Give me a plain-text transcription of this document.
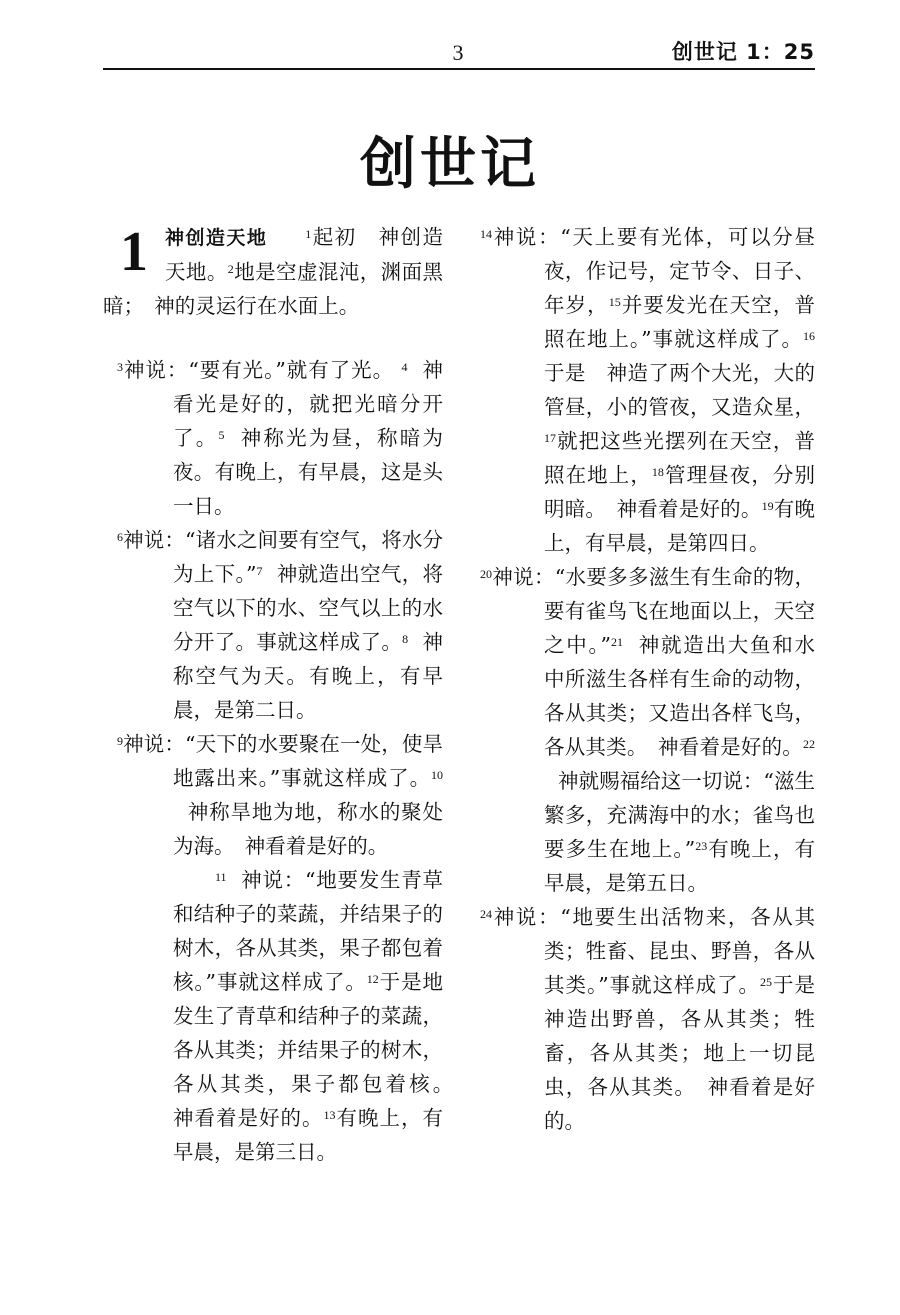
3	创世记 1：25
创世记
1 神创造天地	$^1$起初　神创造天地。$^2$地是空虚混沌，渊面黑暗；　神的灵运行在水面上。
$^3$神说：“要有光。”就有了光。 $^4$ 神看光是好的，就把光暗分开了。$^5$ 神称光为昼，称暗为夜。有晚上，有早晨，这是头一日。
$^6$神说：“诸水之间要有空气，将水分为上下。”$^7$ 神就造出空气，将空气以下的水、空气以上的水分开了。事就这样成了。$^8$ 神称空气为天。有晚上，有早晨，是第二日。
$^9$神说：“天下的水要聚在一处，使旱地露出来。”事就这样成了。$^{10}$神称旱地为地，称水的聚处为海。　神看着是好的。
$^{11}$ 神说：“地要发生青草和结种子的菜蔬，并结果子的树木，各从其类，果子都包着核。”事就这样成了。$^{12}$于是地发生了青草和结种子的菜蔬，各从其类；并结果子的树木，各从其类，果子都包着核。　神看着是好的。$^{13}$有晚上，有早晨，是第三日。
$^{14}$神说：“天上要有光体，可以分昼夜，作记号，定节令、日子、年岁，$^{15}$并要发光在天空，普照在地上。”事就这样成了。$^{16}$于是　神造了两个大光，大的管昼，小的管夜，又造众星，$^{17}$就把这些光摆列在天空，普照在地上，$^{18}$管理昼夜，分别明暗。　神看着是好的。$^{19}$有晚上，有早晨，是第四日。
$^{20}$神说：“水要多多滋生有生命的物，要有雀鸟飞在地面以上，天空之中。”$^{21}$ 神就造出大鱼和水中所滋生各样有生命的动物，各从其类；又造出各样飞鸟，各从其类。　神看着是好的。$^{22}$神就赐福给这一切说：“滋生繁多，充满海中的水；雀鸟也要多生在地上。”$^{23}$有晚上，有早晨，是第五日。
$^{24}$神说：“地要生出活物来，各从其类；牲畜、昆虫、野兽，各从其类。”事就这样成了。$^{25}$于是　神造出野兽，各从其类；牲畜，各从其类；地上一切昆虫，各从其类。　神看着是好的。
